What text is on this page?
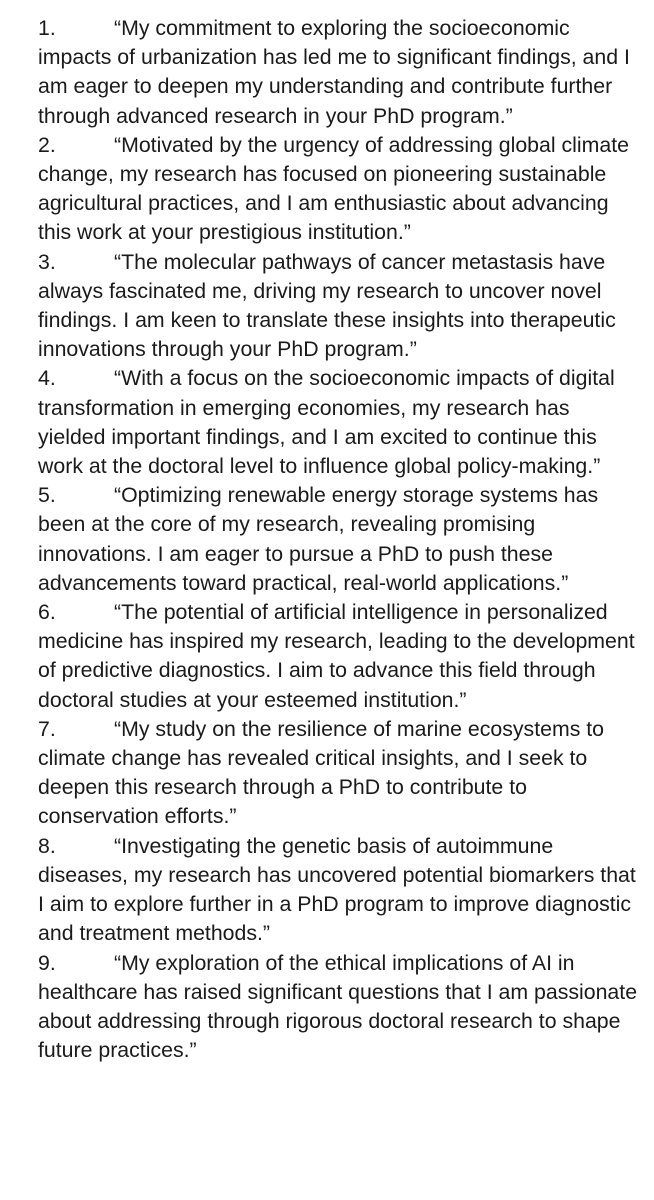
1.	“My commitment to exploring the socioeconomic impacts of urbanization has led me to significant findings, and I am eager to deepen my understanding and contribute further through advanced research in your PhD program.”

2.	“Motivated by the urgency of addressing global climate change, my research has focused on pioneering sustainable agricultural practices, and I am enthusiastic about advancing this work at your prestigious institution.”

3.	“The molecular pathways of cancer metastasis have always fascinated me, driving my research to uncover novel findings. I am keen to translate these insights into therapeutic innovations through your PhD program.”

4.	“With a focus on the socioeconomic impacts of digital transformation in emerging economies, my research has yielded important findings, and I am excited to continue this work at the doctoral level to influence global policy-making.”

5.	“Optimizing renewable energy storage systems has been at the core of my research, revealing promising innovations. I am eager to pursue a PhD to push these advancements toward practical, real-world applications.”

6.	“The potential of artificial intelligence in personalized medicine has inspired my research, leading to the development of predictive diagnostics. I aim to advance this field through doctoral studies at your esteemed institution.”

7.	“My study on the resilience of marine ecosystems to climate change has revealed critical insights, and I seek to deepen this research through a PhD to contribute to conservation efforts.”

8.	“Investigating the genetic basis of autoimmune diseases, my research has uncovered potential biomarkers that I aim to explore further in a PhD program to improve diagnostic and treatment methods.”

9.	“My exploration of the ethical implications of AI in healthcare has raised significant questions that I am passionate about addressing through rigorous doctoral research to shape future practices.”
